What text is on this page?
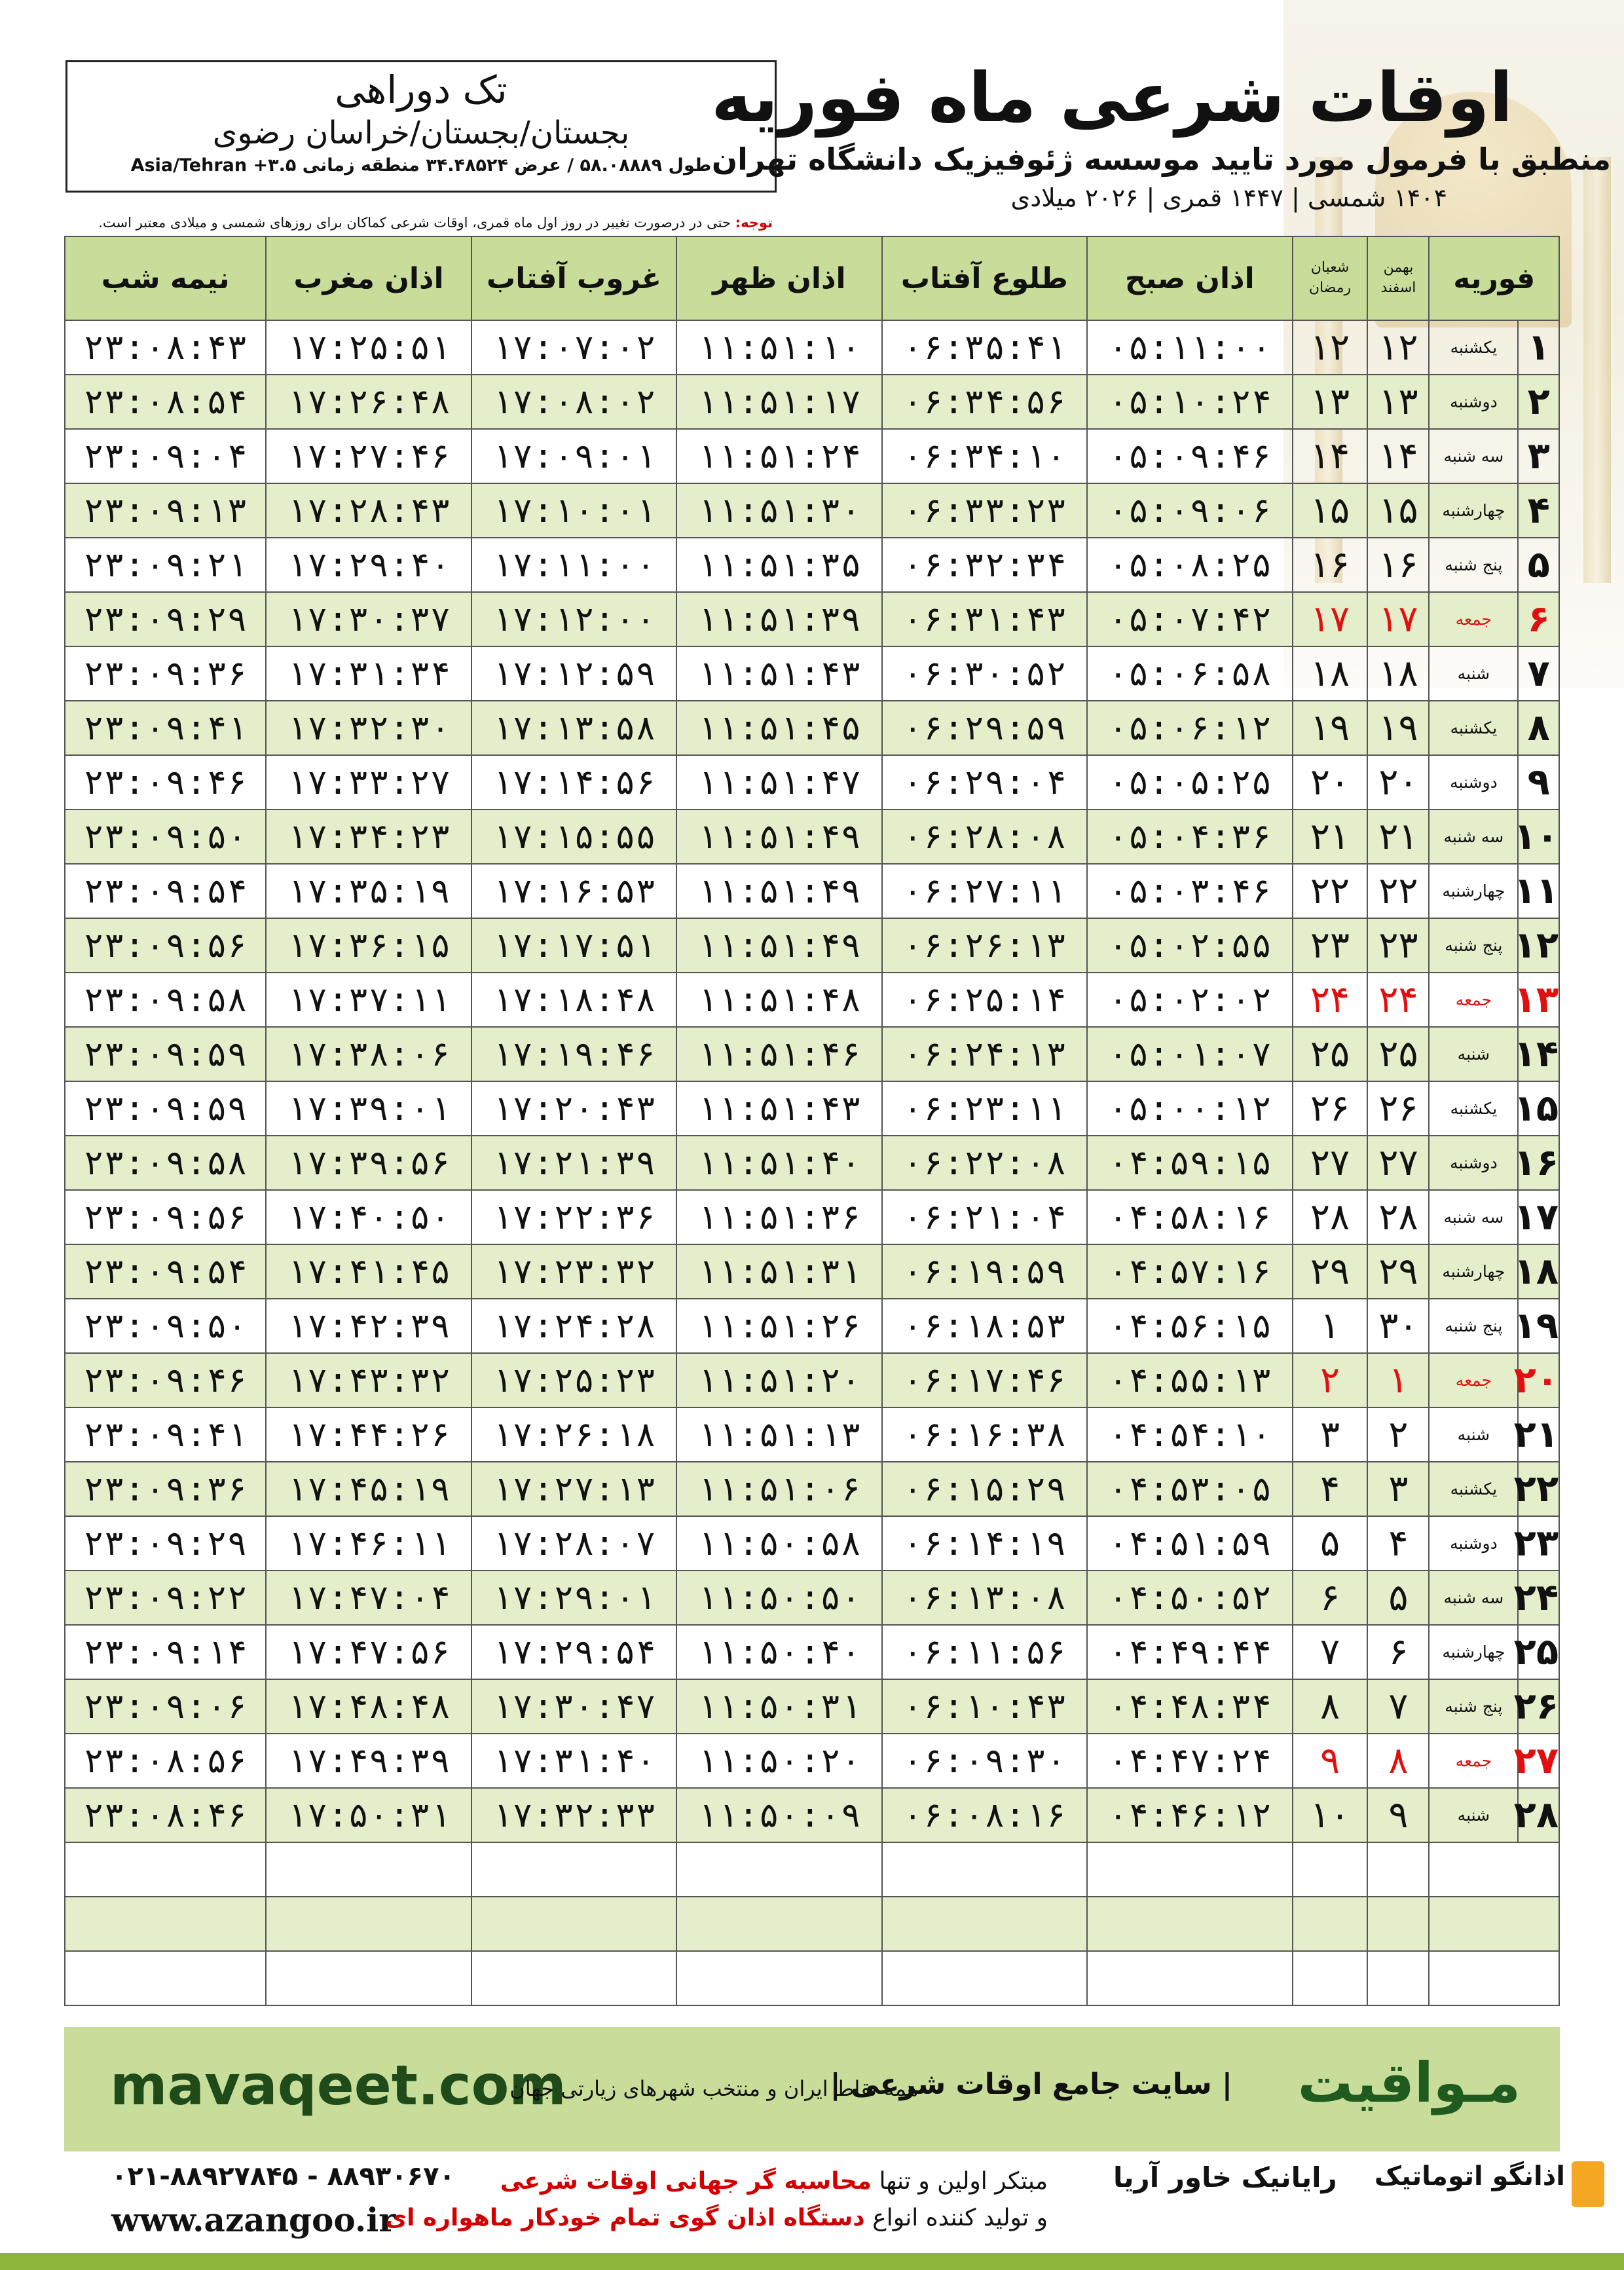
تک دوراهی
بجستان/بجستان/خراسان رضوی
طول ۵۸.۰۸۸۸۹ / عرض ۳۴.۴۸۵۲۴ منطقه زمانی ۳.۵+ Asia/Tehran
اوقات شرعی ماه فوریه
منطبق با فرمول مورد تایید موسسه ژئوفیزیک دانشگاه تهران
۱۴۰۴ شمسی | ۱۴۴۷ قمری | ۲۰۲۶ میلادی
توجه: حتی در درصورت تغییر در روز اول ماه قمری، اوقات شرعی کماکان برای روزهای شمسی و میلادی معتبر است.
فوریه		بهمن
اسفند	شعبان
رمضان	اذان صبح	طلوع آفتاب	اذان ظهر	غروب آفتاب	اذان مغرب	نیمه شب
۱	یکشنبه	۱۲	۱۲	۰۵:۱۱:۰۰	۰۶:۳۵:۴۱	۱۱:۵۱:۱۰	۱۷:۰۷:۰۲	۱۷:۲۵:۵۱	۲۳:۰۸:۴۳
۲	دوشنبه	۱۳	۱۳	۰۵:۱۰:۲۴	۰۶:۳۴:۵۶	۱۱:۵۱:۱۷	۱۷:۰۸:۰۲	۱۷:۲۶:۴۸	۲۳:۰۸:۵۴
۳	سه شنبه	۱۴	۱۴	۰۵:۰۹:۴۶	۰۶:۳۴:۱۰	۱۱:۵۱:۲۴	۱۷:۰۹:۰۱	۱۷:۲۷:۴۶	۲۳:۰۹:۰۴
۴	چهارشنبه	۱۵	۱۵	۰۵:۰۹:۰۶	۰۶:۳۳:۲۳	۱۱:۵۱:۳۰	۱۷:۱۰:۰۱	۱۷:۲۸:۴۳	۲۳:۰۹:۱۳
۵	پنج شنبه	۱۶	۱۶	۰۵:۰۸:۲۵	۰۶:۳۲:۳۴	۱۱:۵۱:۳۵	۱۷:۱۱:۰۰	۱۷:۲۹:۴۰	۲۳:۰۹:۲۱
۶	جمعه	۱۷	۱۷	۰۵:۰۷:۴۲	۰۶:۳۱:۴۳	۱۱:۵۱:۳۹	۱۷:۱۲:۰۰	۱۷:۳۰:۳۷	۲۳:۰۹:۲۹
۷	شنبه	۱۸	۱۸	۰۵:۰۶:۵۸	۰۶:۳۰:۵۲	۱۱:۵۱:۴۳	۱۷:۱۲:۵۹	۱۷:۳۱:۳۴	۲۳:۰۹:۳۶
۸	یکشنبه	۱۹	۱۹	۰۵:۰۶:۱۲	۰۶:۲۹:۵۹	۱۱:۵۱:۴۵	۱۷:۱۳:۵۸	۱۷:۳۲:۳۰	۲۳:۰۹:۴۱
۹	دوشنبه	۲۰	۲۰	۰۵:۰۵:۲۵	۰۶:۲۹:۰۴	۱۱:۵۱:۴۷	۱۷:۱۴:۵۶	۱۷:۳۳:۲۷	۲۳:۰۹:۴۶
۱۰	سه شنبه	۲۱	۲۱	۰۵:۰۴:۳۶	۰۶:۲۸:۰۸	۱۱:۵۱:۴۹	۱۷:۱۵:۵۵	۱۷:۳۴:۲۳	۲۳:۰۹:۵۰
۱۱	چهارشنبه	۲۲	۲۲	۰۵:۰۳:۴۶	۰۶:۲۷:۱۱	۱۱:۵۱:۴۹	۱۷:۱۶:۵۳	۱۷:۳۵:۱۹	۲۳:۰۹:۵۴
۱۲	پنج شنبه	۲۳	۲۳	۰۵:۰۲:۵۵	۰۶:۲۶:۱۳	۱۱:۵۱:۴۹	۱۷:۱۷:۵۱	۱۷:۳۶:۱۵	۲۳:۰۹:۵۶
۱۳	جمعه	۲۴	۲۴	۰۵:۰۲:۰۲	۰۶:۲۵:۱۴	۱۱:۵۱:۴۸	۱۷:۱۸:۴۸	۱۷:۳۷:۱۱	۲۳:۰۹:۵۸
۱۴	شنبه	۲۵	۲۵	۰۵:۰۱:۰۷	۰۶:۲۴:۱۳	۱۱:۵۱:۴۶	۱۷:۱۹:۴۶	۱۷:۳۸:۰۶	۲۳:۰۹:۵۹
۱۵	یکشنبه	۲۶	۲۶	۰۵:۰۰:۱۲	۰۶:۲۳:۱۱	۱۱:۵۱:۴۳	۱۷:۲۰:۴۳	۱۷:۳۹:۰۱	۲۳:۰۹:۵۹
۱۶	دوشنبه	۲۷	۲۷	۰۴:۵۹:۱۵	۰۶:۲۲:۰۸	۱۱:۵۱:۴۰	۱۷:۲۱:۳۹	۱۷:۳۹:۵۶	۲۳:۰۹:۵۸
۱۷	سه شنبه	۲۸	۲۸	۰۴:۵۸:۱۶	۰۶:۲۱:۰۴	۱۱:۵۱:۳۶	۱۷:۲۲:۳۶	۱۷:۴۰:۵۰	۲۳:۰۹:۵۶
۱۸	چهارشنبه	۲۹	۲۹	۰۴:۵۷:۱۶	۰۶:۱۹:۵۹	۱۱:۵۱:۳۱	۱۷:۲۳:۳۲	۱۷:۴۱:۴۵	۲۳:۰۹:۵۴
۱۹	پنج شنبه	۳۰	۱	۰۴:۵۶:۱۵	۰۶:۱۸:۵۳	۱۱:۵۱:۲۶	۱۷:۲۴:۲۸	۱۷:۴۲:۳۹	۲۳:۰۹:۵۰
۲۰	جمعه	۱	۲	۰۴:۵۵:۱۳	۰۶:۱۷:۴۶	۱۱:۵۱:۲۰	۱۷:۲۵:۲۳	۱۷:۴۳:۳۲	۲۳:۰۹:۴۶
۲۱	شنبه	۲	۳	۰۴:۵۴:۱۰	۰۶:۱۶:۳۸	۱۱:۵۱:۱۳	۱۷:۲۶:۱۸	۱۷:۴۴:۲۶	۲۳:۰۹:۴۱
۲۲	یکشنبه	۳	۴	۰۴:۵۳:۰۵	۰۶:۱۵:۲۹	۱۱:۵۱:۰۶	۱۷:۲۷:۱۳	۱۷:۴۵:۱۹	۲۳:۰۹:۳۶
۲۳	دوشنبه	۴	۵	۰۴:۵۱:۵۹	۰۶:۱۴:۱۹	۱۱:۵۰:۵۸	۱۷:۲۸:۰۷	۱۷:۴۶:۱۱	۲۳:۰۹:۲۹
۲۴	سه شنبه	۵	۶	۰۴:۵۰:۵۲	۰۶:۱۳:۰۸	۱۱:۵۰:۵۰	۱۷:۲۹:۰۱	۱۷:۴۷:۰۴	۲۳:۰۹:۲۲
۲۵	چهارشنبه	۶	۷	۰۴:۴۹:۴۴	۰۶:۱۱:۵۶	۱۱:۵۰:۴۰	۱۷:۲۹:۵۴	۱۷:۴۷:۵۶	۲۳:۰۹:۱۴
۲۶	پنج شنبه	۷	۸	۰۴:۴۸:۳۴	۰۶:۱۰:۴۳	۱۱:۵۰:۳۱	۱۷:۳۰:۴۷	۱۷:۴۸:۴۸	۲۳:۰۹:۰۶
۲۷	جمعه	۸	۹	۰۴:۴۷:۲۴	۰۶:۰۹:۳۰	۱۱:۵۰:۲۰	۱۷:۳۱:۴۰	۱۷:۴۹:۳۹	۲۳:۰۸:۵۶
۲۸	شنبه	۹	۱۰	۰۴:۴۶:۱۲	۰۶:۰۸:۱۶	۱۱:۵۰:۰۹	۱۷:۳۲:۳۳	۱۷:۵۰:۳۱	۲۳:۰۸:۴۶

mavaqeet.com	مـواقیت
| سایت جامع اوقات شرعی |
همه نقاط ایران و منتخب شهرهای زیارتی جهان
۰۲۱-۸۸۹۲۷۸۴۵ - ۸۸۹۳۰۶۷۰
www.azangoo.ir
مبتکر اولین و تنها محاسبه گر جهانی اوقات شرعی
و تولید کننده انواع دستگاه اذان گوی تمام خودکار ماهواره ای
رایانیک خاور آریا اذانگو اتوماتیک
